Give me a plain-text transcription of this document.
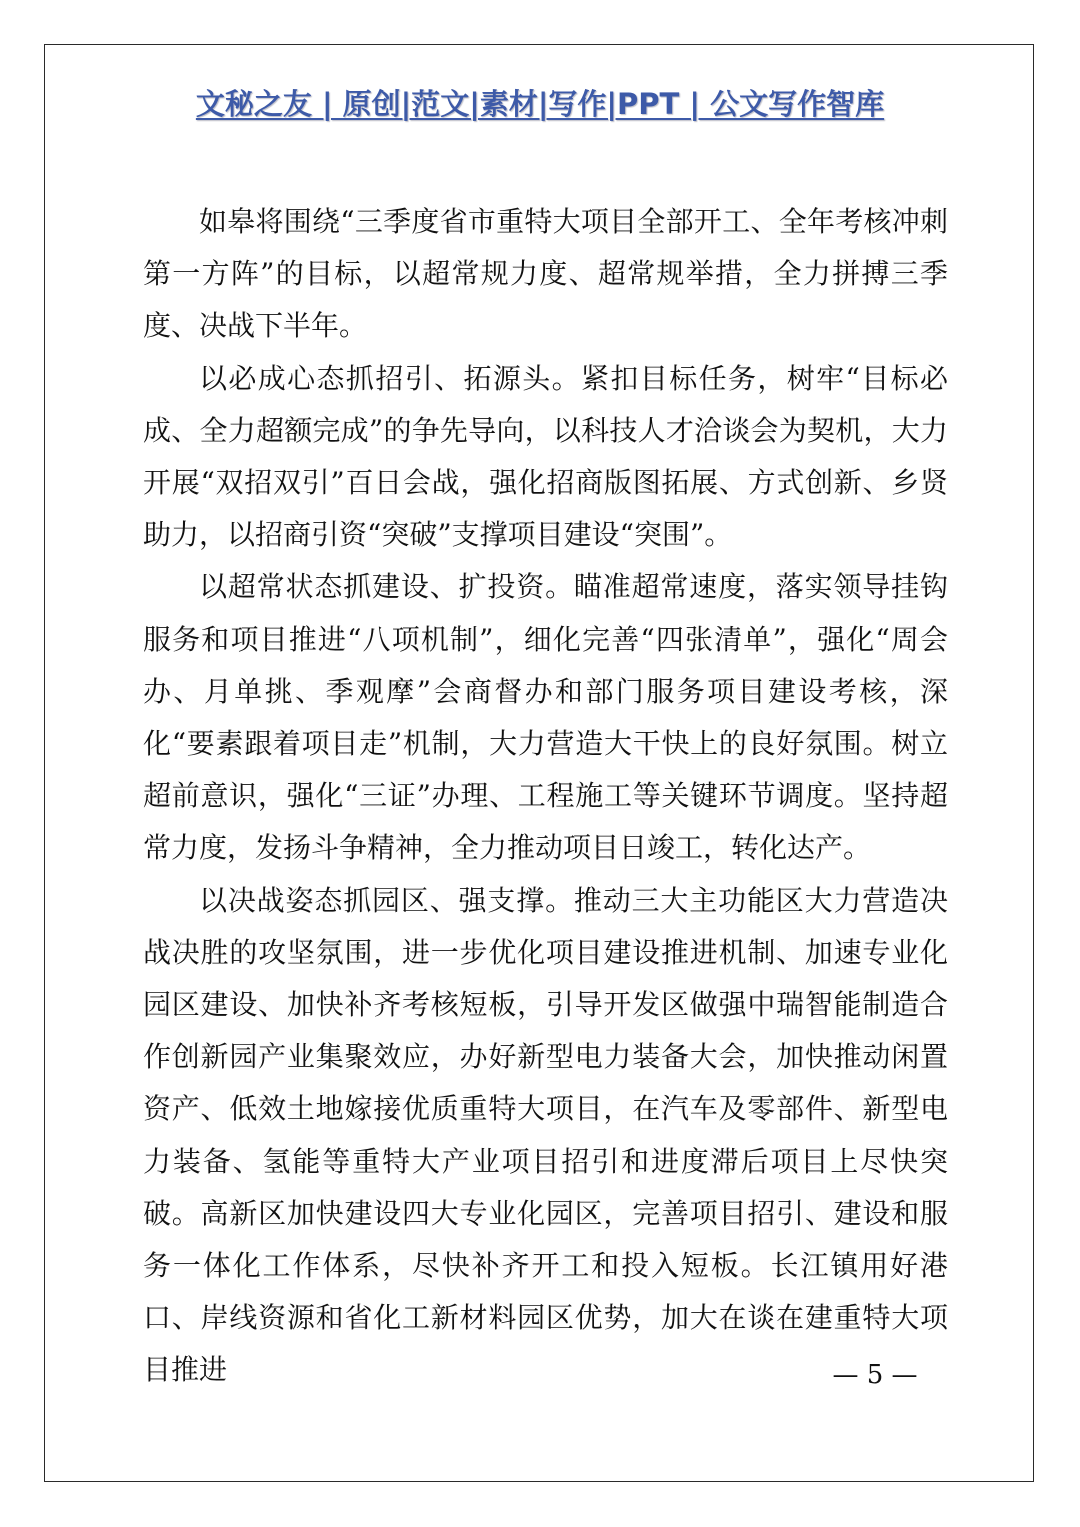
文秘之友 | 原创|范文|素材|写作|PPT | 公文写作智库

如皋将围绕“三季度省市重特大项目全部开工、全年考核冲刺第一方阵”的目标，以超常规力度、超常规举措，全力拼搏三季度、决战下半年。

以必成心态抓招引、拓源头。紧扣目标任务，树牢“目标必成、全力超额完成”的争先导向，以科技人才洽谈会为契机，大力开展“双招双引”百日会战，强化招商版图拓展、方式创新、乡贤助力，以招商引资“突破”支撑项目建设“突围”。

以超常状态抓建设、扩投资。瞄准超常速度，落实领导挂钩服务和项目推进“八项机制”，细化完善“四张清单”，强化“周会办、月单挑、季观摩”会商督办和部门服务项目建设考核，深化“要素跟着项目走”机制，大力营造大干快上的良好氛围。树立超前意识，强化“三证”办理、工程施工等关键环节调度。坚持超常力度，发扬斗争精神，全力推动项目日竣工，转化达产。

以决战姿态抓园区、强支撑。推动三大主功能区大力营造决战决胜的攻坚氛围，进一步优化项目建设推进机制、加速专业化园区建设、加快补齐考核短板，引导开发区做强中瑞智能制造合作创新园产业集聚效应，办好新型电力装备大会，加快推动闲置资产、低效土地嫁接优质重特大项目，在汽车及零部件、新型电力装备、氢能等重特大产业项目招引和进度滞后项目上尽快突破。高新区加快建设四大专业化园区，完善项目招引、建设和服务一体化工作体系，尽快补齐开工和投入短板。长江镇用好港口、岸线资源和省化工新材料园区优势，加大在谈在建重特大项目推进	— 5 —
